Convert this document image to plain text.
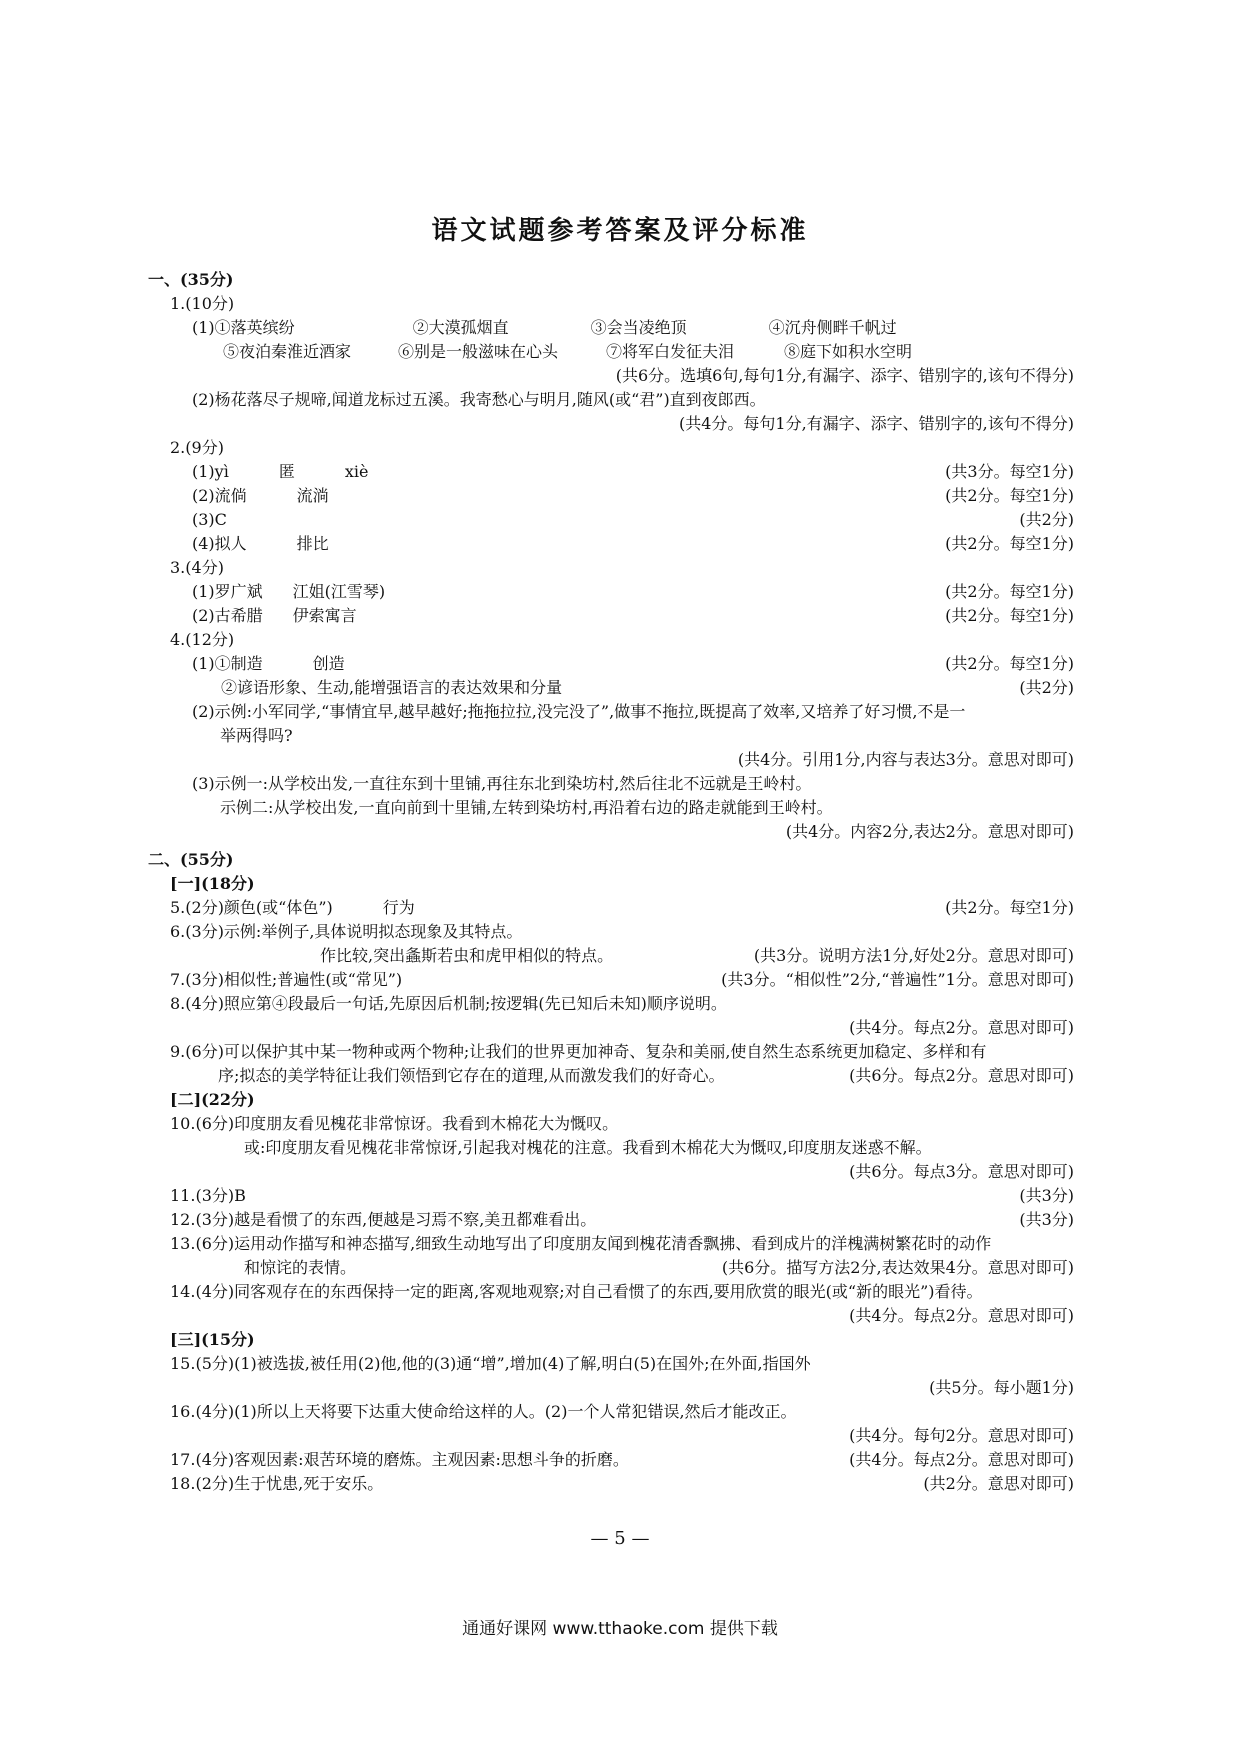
语文试题参考答案及评分标准
一、(35分)
1.(10分)
(1)①落英缤纷	②大漠孤烟直	③会当凌绝顶	④沉舟侧畔千帆过
⑤夜泊秦淮近酒家	⑥别是一般滋味在心头	⑦将军白发征夫泪	⑧庭下如积水空明
(共6分。选填6句,每句1分,有漏字、添字、错别字的,该句不得分)
(2)杨花落尽子规啼,闻道龙标过五溪。我寄愁心与明月,随风(或“君”)直到夜郎西。
(共4分。每句1分,有漏字、添字、错别字的,该句不得分)
2.(9分)
(1)yì	匿	xiè	(共3分。每空1分)
(2)流倘	流淌	(共2分。每空1分)
(3)C	(共2分)
(4)拟人	排比	(共2分。每空1分)
3.(4分)
(1)罗广斌 江姐(江雪琴)	(共2分。每空1分)
(2)古希腊 伊索寓言	(共2分。每空1分)
4.(12分)
(1)①制造	创造	(共2分。每空1分)
②谚语形象、生动,能增强语言的表达效果和分量	(共2分)
(2)示例:小军同学,“事情宜早,越早越好;拖拖拉拉,没完没了”,做事不拖拉,既提高了效率,又培养了好习惯,不是一
举两得吗?
(共4分。引用1分,内容与表达3分。意思对即可)
(3)示例一:从学校出发,一直往东到十里铺,再往东北到染坊村,然后往北不远就是王岭村。
示例二:从学校出发,一直向前到十里铺,左转到染坊村,再沿着右边的路走就能到王岭村。
(共4分。内容2分,表达2分。意思对即可)
二、(55分)
[一](18分)
5.(2分)颜色(或“体色”)	行为	(共2分。每空1分)
6.(3分)示例:举例子,具体说明拟态现象及其特点。
作比较,突出螽斯若虫和虎甲相似的特点。	(共3分。说明方法1分,好处2分。意思对即可)
7.(3分)相似性;普遍性(或“常见”)	(共3分。“相似性”2分,“普遍性”1分。意思对即可)
8.(4分)照应第④段最后一句话,先原因后机制;按逻辑(先已知后未知)顺序说明。
(共4分。每点2分。意思对即可)
9.(6分)可以保护其中某一物种或两个物种;让我们的世界更加神奇、复杂和美丽,使自然生态系统更加稳定、多样和有
序;拟态的美学特征让我们领悟到它存在的道理,从而激发我们的好奇心。	(共6分。每点2分。意思对即可)
[二](22分)
10.(6分)印度朋友看见槐花非常惊讶。我看到木棉花大为慨叹。
或:印度朋友看见槐花非常惊讶,引起我对槐花的注意。我看到木棉花大为慨叹,印度朋友迷惑不解。
(共6分。每点3分。意思对即可)
11.(3分)B	(共3分)
12.(3分)越是看惯了的东西,便越是习焉不察,美丑都难看出。	(共3分)
13.(6分)运用动作描写和神态描写,细致生动地写出了印度朋友闻到槐花清香飘拂、看到成片的洋槐满树繁花时的动作
和惊诧的表情。	(共6分。描写方法2分,表达效果4分。意思对即可)
14.(4分)同客观存在的东西保持一定的距离,客观地观察;对自己看惯了的东西,要用欣赏的眼光(或“新的眼光”)看待。
(共4分。每点2分。意思对即可)
[三](15分)
15.(5分)(1)被选拔,被任用(2)他,他的(3)通“增”,增加(4)了解,明白(5)在国外;在外面,指国外
(共5分。每小题1分)
16.(4分)(1)所以上天将要下达重大使命给这样的人。(2)一个人常犯错误,然后才能改正。
(共4分。每句2分。意思对即可)
17.(4分)客观因素:艰苦环境的磨炼。主观因素:思想斗争的折磨。	(共4分。每点2分。意思对即可)
18.(2分)生于忧患,死于安乐。	(共2分。意思对即可)
— 5 —
通通好课网 www.tthaoke.com 提供下载
